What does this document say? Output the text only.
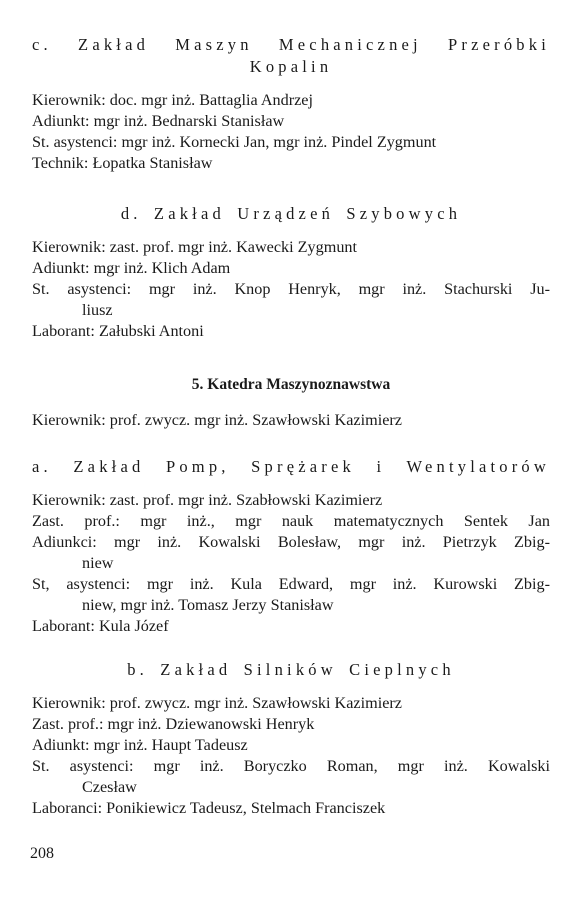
c. Zakład Maszyn Mechanicznej Przeróbki
Kopalin
Kierownik: doc. mgr inż. Battaglia Andrzej
Adiunkt: mgr inż. Bednarski Stanisław
St. asystenci: mgr inż. Kornecki Jan, mgr inż. Pindel Zygmunt
Technik: Łopatka Stanisław
d. Zakład Urządzeń Szybowych
Kierownik: zast. prof. mgr inż. Kawecki Zygmunt
Adiunkt: mgr inż. Klich Adam
St. asystenci: mgr inż. Knop Henryk, mgr inż. Stachurski Ju-
liusz
Laborant: Załubski Antoni
5. Katedra Maszynoznawstwa
Kierownik: prof. zwycz. mgr inż. Szawłowski Kazimierz
a. Zakład Pomp, Sprężarek i Wentylatorów
Kierownik: zast. prof. mgr inż. Szabłowski Kazimierz
Zast. prof.: mgr inż., mgr nauk matematycznych Sentek Jan
Adiunkci: mgr inż. Kowalski Bolesław, mgr inż. Pietrzyk Zbig-
niew
St, asystenci: mgr inż. Kula Edward, mgr inż. Kurowski Zbig-
niew, mgr inż. Tomasz Jerzy Stanisław
Laborant: Kula Józef
b. Zakład Silników Cieplnych
Kierownik: prof. zwycz. mgr inż. Szawłowski Kazimierz
Zast. prof.: mgr inż. Dziewanowski Henryk
Adiunkt: mgr inż. Haupt Tadeusz
St. asystenci: mgr inż. Boryczko Roman, mgr inż. Kowalski
Czesław
Laboranci: Ponikiewicz Tadeusz, Stelmach Franciszek
208
